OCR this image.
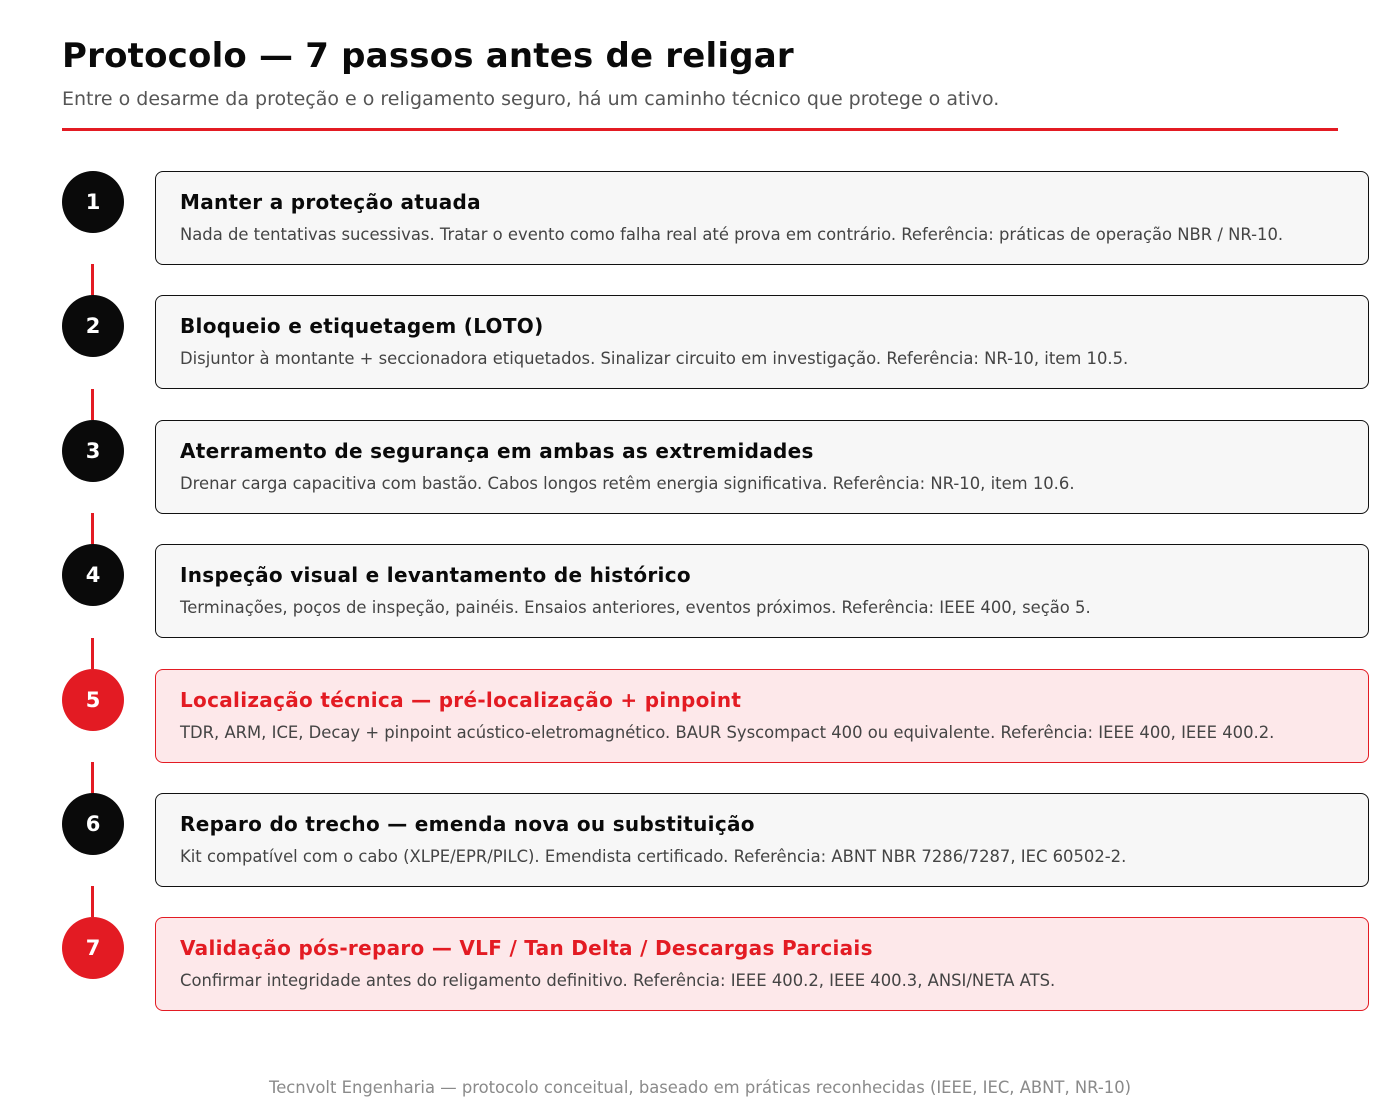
Protocolo — 7 passos antes de religar
Entre o desarme da proteção e o religamento seguro, há um caminho técnico que protege o ativo.
1	Manter a proteção atuada
Nada de tentativas sucessivas. Tratar o evento como falha real até prova em contrário. Referência: práticas de operação NBR / NR-10.
2	Bloqueio e etiquetagem (LOTO)
Disjuntor à montante + seccionadora etiquetados. Sinalizar circuito em investigação. Referência: NR-10, item 10.5.
3	Aterramento de segurança em ambas as extremidades
Drenar carga capacitiva com bastão. Cabos longos retêm energia significativa. Referência: NR-10, item 10.6.
4	Inspeção visual e levantamento de histórico
Terminações, poços de inspeção, painéis. Ensaios anteriores, eventos próximos. Referência: IEEE 400, seção 5.
5	Localização técnica — pré-localização + pinpoint
TDR, ARM, ICE, Decay + pinpoint acústico-eletromagnético. BAUR Syscompact 400 ou equivalente. Referência: IEEE 400, IEEE 400.2.
6	Reparo do trecho — emenda nova ou substituição
Kit compatível com o cabo (XLPE/EPR/PILC). Emendista certificado. Referência: ABNT NBR 7286/7287, IEC 60502-2.
7	Validação pós-reparo — VLF / Tan Delta / Descargas Parciais
Confirmar integridade antes do religamento definitivo. Referência: IEEE 400.2, IEEE 400.3, ANSI/NETA ATS.
Tecnvolt Engenharia — protocolo conceitual, baseado em práticas reconhecidas (IEEE, IEC, ABNT, NR-10)
